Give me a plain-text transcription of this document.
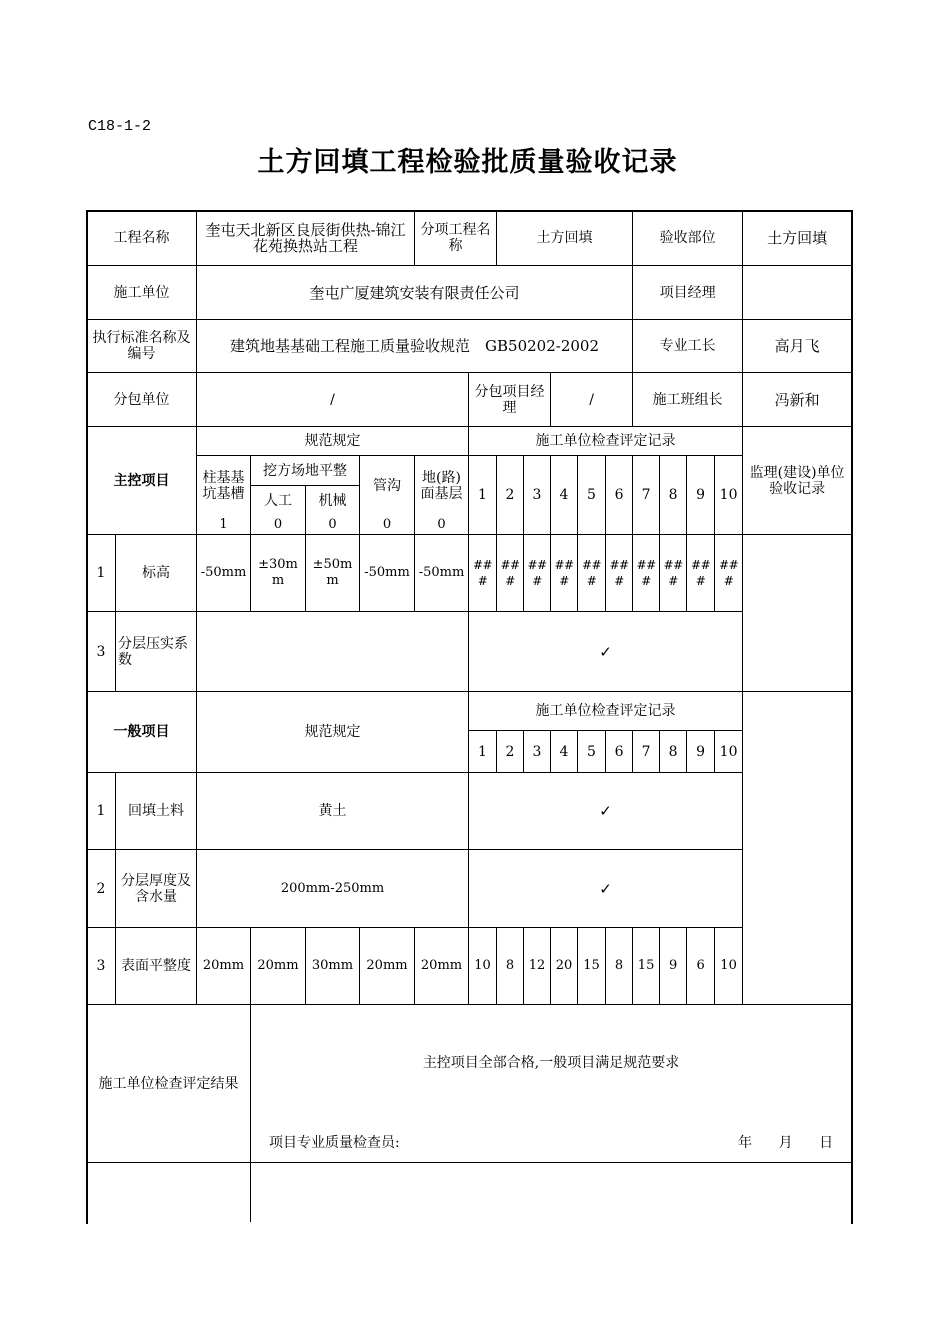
C18-1-2
土方回填工程检验批质量验收记录
工程名称		奎屯天北新区良辰街供热-锦江花苑换热站工程				分项工程名称		土方回填					验收部位				土方回填
施工单位		奎屯广厦建筑安装有限责任公司											项目经理				
执行标准名称及编号		建筑地基基础工程施工质量验收规范　GB50202-2002											专业工长				高月飞
分包单位		/					分包项目经理			/			施工班组长				冯新和
主控项目		规范规定					施工单位检查评定记录										监理(建设)单位验收记录
		柱基基坑基槽	挖方场地平整		管沟	地(路)面基层	1	2	3	4	5	6	7	8	9	10	
			人工	机械													
		1	0	0	0	0											
1	标高	-50mm	±30mm	±50mm	-50mm	-50mm	###	###	###	###	###	###	###	###	###	###	
3	分层压实系数						✓										
一般项目		规范规定					施工单位检查评定记录										
							1	2	3	4	5	6	7	8	9	10	
1	回填土料	黄土					✓										
2	分层厚度及含水量	200mm-250mm					✓										
3	表面平整度	20mm	20mm	30mm	20mm	20mm	10	8	12	20	15	8	15	9	6	10	
施工单位检查评定结果			主控项目全部合格,一般项目满足规范要求
项目专业质量检查员: 年 月 日														
